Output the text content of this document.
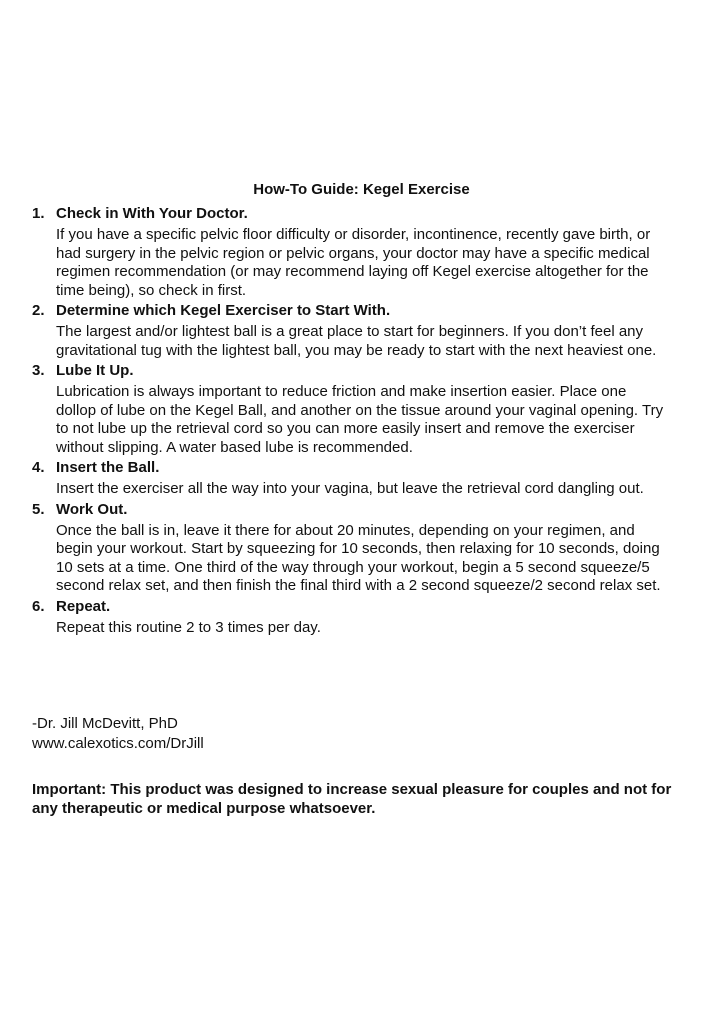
How-To Guide: Kegel Exercise
1. Check in With Your Doctor.
If you have a specific pelvic floor difficulty or disorder, incontinence, recently gave birth, or had surgery in the pelvic region or pelvic organs, your doctor may have a specific medical regimen recommendation (or may recommend laying off Kegel exercise altogether for the time being), so check in first.
2. Determine which Kegel Exerciser to Start With.
The largest and/or lightest ball is a great place to start for beginners. If you don’t feel any gravitational tug with the lightest ball, you may be ready to start with the next heaviest one.
3. Lube It Up.
Lubrication is always important to reduce friction and make insertion easier. Place one dollop of lube on the Kegel Ball, and another on the tissue around your vaginal opening. Try to not lube up the retrieval cord so you can more easily insert and remove the exerciser without slipping. A water based lube is recommended.
4. Insert the Ball.
Insert the exerciser all the way into your vagina, but leave the retrieval cord dangling out.
5. Work Out.
Once the ball is in, leave it there for about 20 minutes, depending on your regimen, and begin your workout. Start by squeezing for 10 seconds, then relaxing for 10 seconds, doing 10 sets at a time. One third of the way through your workout, begin a 5 second squeeze/5 second relax set, and then finish the final third with a 2 second squeeze/2 second relax set.
6. Repeat.
Repeat this routine 2 to 3 times per day.
-Dr. Jill McDevitt, PhD
www.calexotics.com/DrJill
Important: This product was designed to increase sexual pleasure for couples and not for any therapeutic or medical purpose whatsoever.
